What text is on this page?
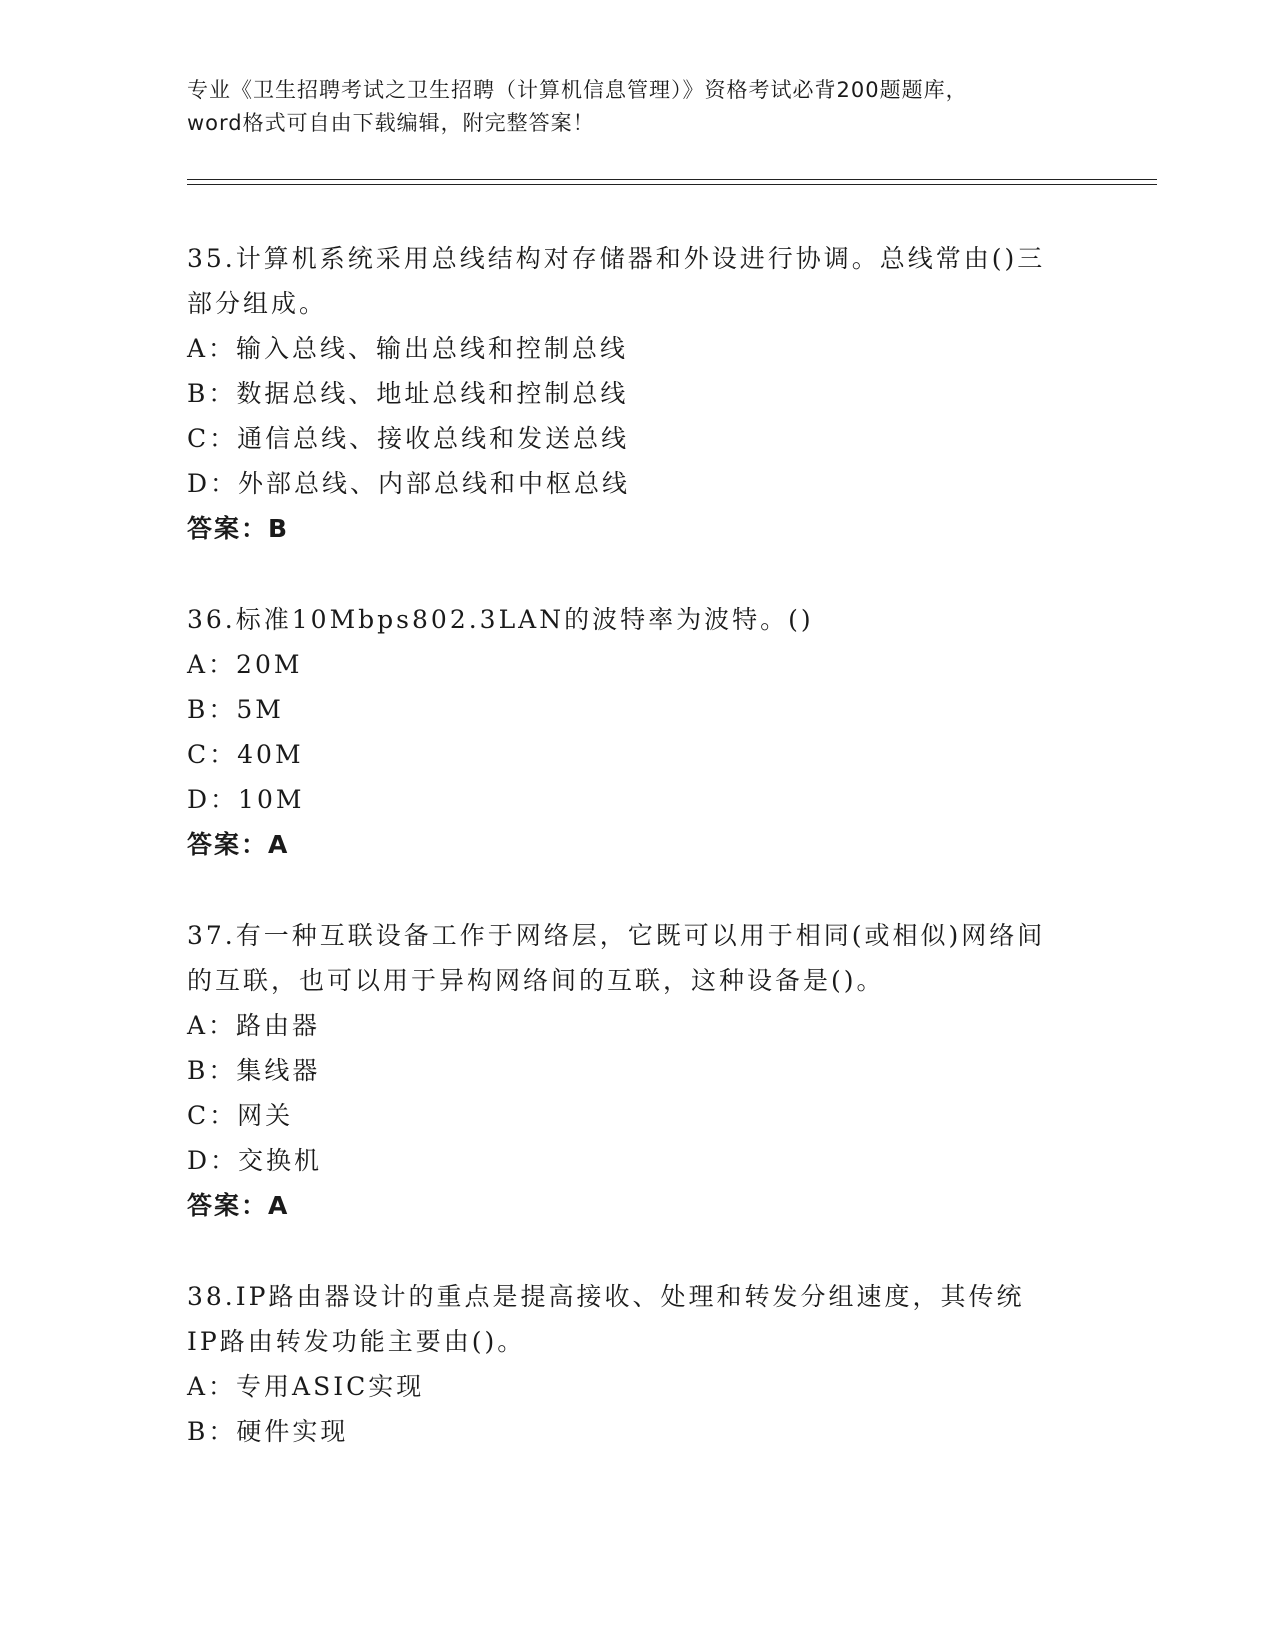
专业《卫生招聘考试之卫生招聘（计算机信息管理）》资格考试必背200题题库，
word格式可自由下载编辑，附完整答案！

35.计算机系统采用总线结构对存储器和外设进行协调。总线常由()三

部分组成。

A：输入总线、输出总线和控制总线

B：数据总线、地址总线和控制总线

C：通信总线、接收总线和发送总线

D：外部总线、内部总线和中枢总线

答案：B

36.标准10Mbps802.3LAN的波特率为波特。()

A：20M

B：5M

C：40M

D：10M

答案：A

37.有一种互联设备工作于网络层，它既可以用于相同(或相似)网络间

的互联，也可以用于异构网络间的互联，这种设备是()。

A：路由器

B：集线器

C：网关

D：交换机

答案：A

38.IP路由器设计的重点是提高接收、处理和转发分组速度，其传统

IP路由转发功能主要由()。

A：专用ASIC实现

B：硬件实现
